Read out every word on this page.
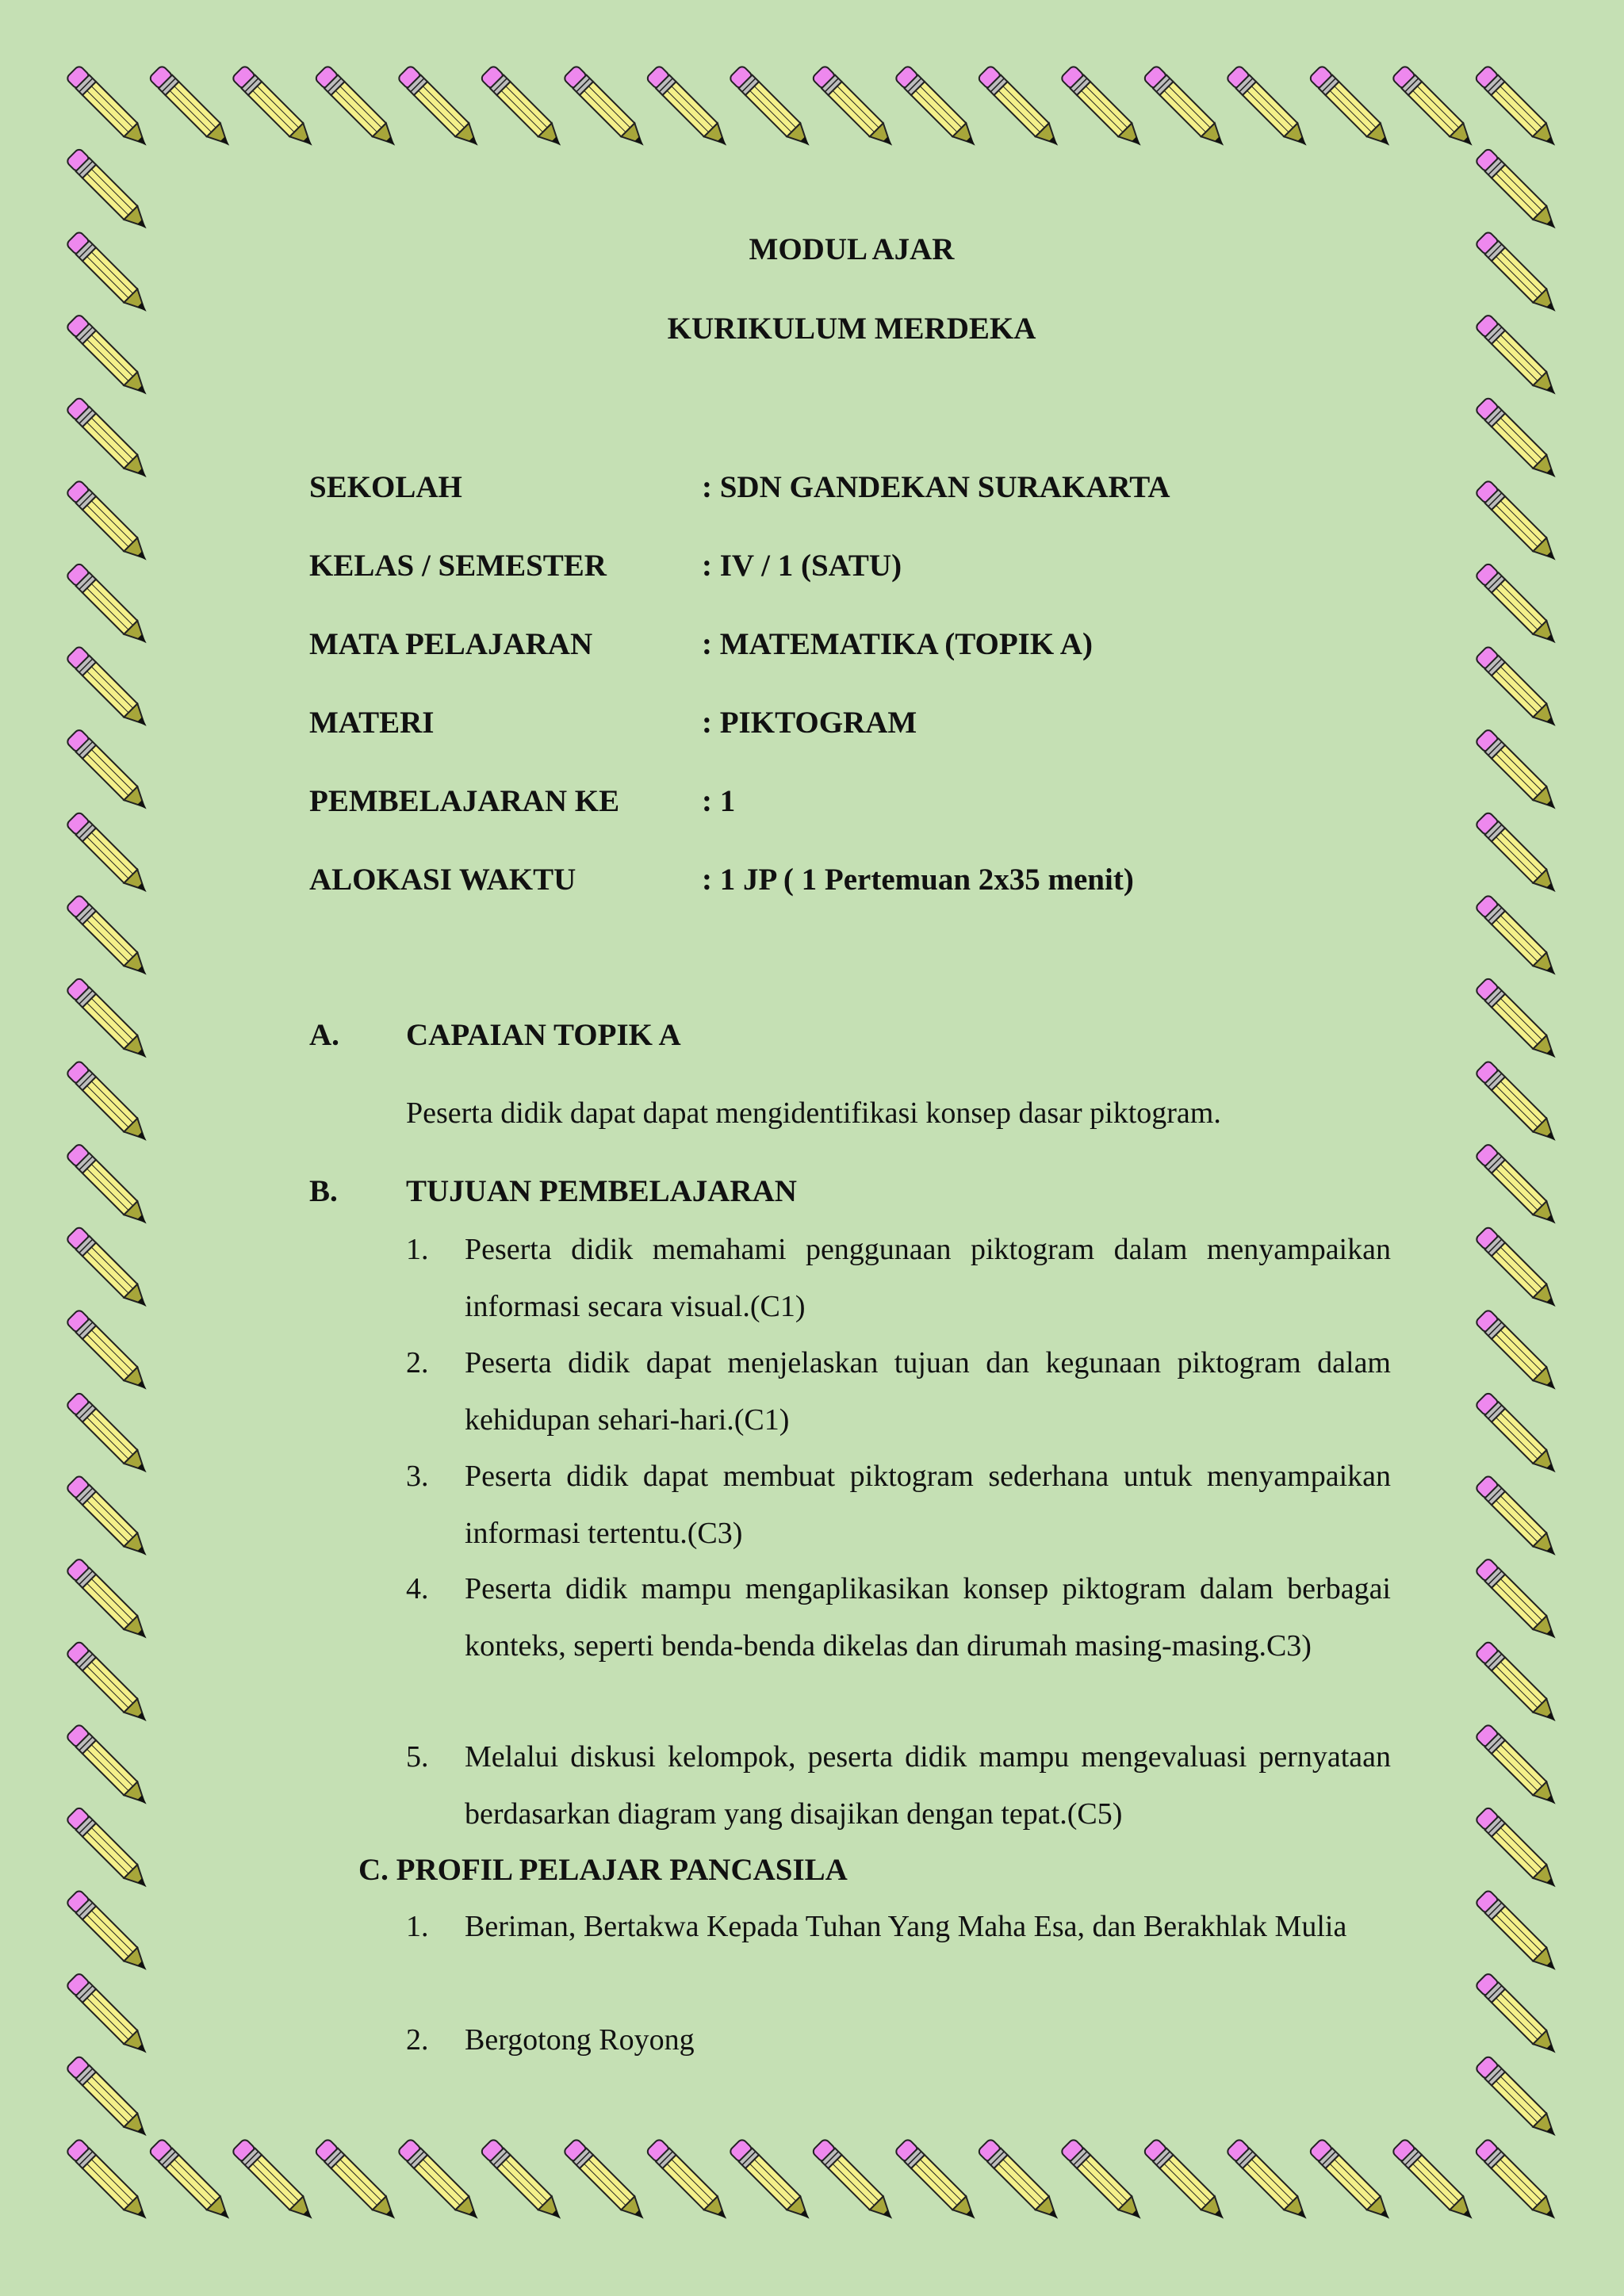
MODUL AJAR
KURIKULUM MERDEKA
SEKOLAH	: SDN GANDEKAN SURAKARTA
KELAS / SEMESTER	: IV / 1 (SATU)
MATA PELAJARAN	: MATEMATIKA (TOPIK A)
MATERI	: PIKTOGRAM
PEMBELAJARAN KE	: 1
ALOKASI WAKTU	: 1 JP ( 1 Pertemuan 2x35 menit)
A. CAPAIAN TOPIK A

Peserta didik dapat dapat mengidentifikasi konsep dasar piktogram.

B. TUJUAN PEMBELAJARAN
1. Peserta didik memahami penggunaan piktogram dalam menyampaikan informasi secara visual.(C1)
2. Peserta didik dapat menjelaskan tujuan dan kegunaan piktogram dalam kehidupan sehari-hari.(C1)
3. Peserta didik dapat membuat piktogram sederhana untuk menyampaikan informasi tertentu.(C3)
4. Peserta didik mampu mengaplikasikan konsep piktogram dalam berbagai konteks, seperti benda-benda dikelas dan dirumah masing-masing.C3)
5. Melalui diskusi kelompok, peserta didik mampu mengevaluasi pernyataan berdasarkan diagram yang disajikan dengan tepat.(C5)
C. PROFIL PELAJAR PANCASILA
1. Beriman, Bertakwa Kepada Tuhan Yang Maha Esa, dan Berakhlak Mulia
2. Bergotong Royong
